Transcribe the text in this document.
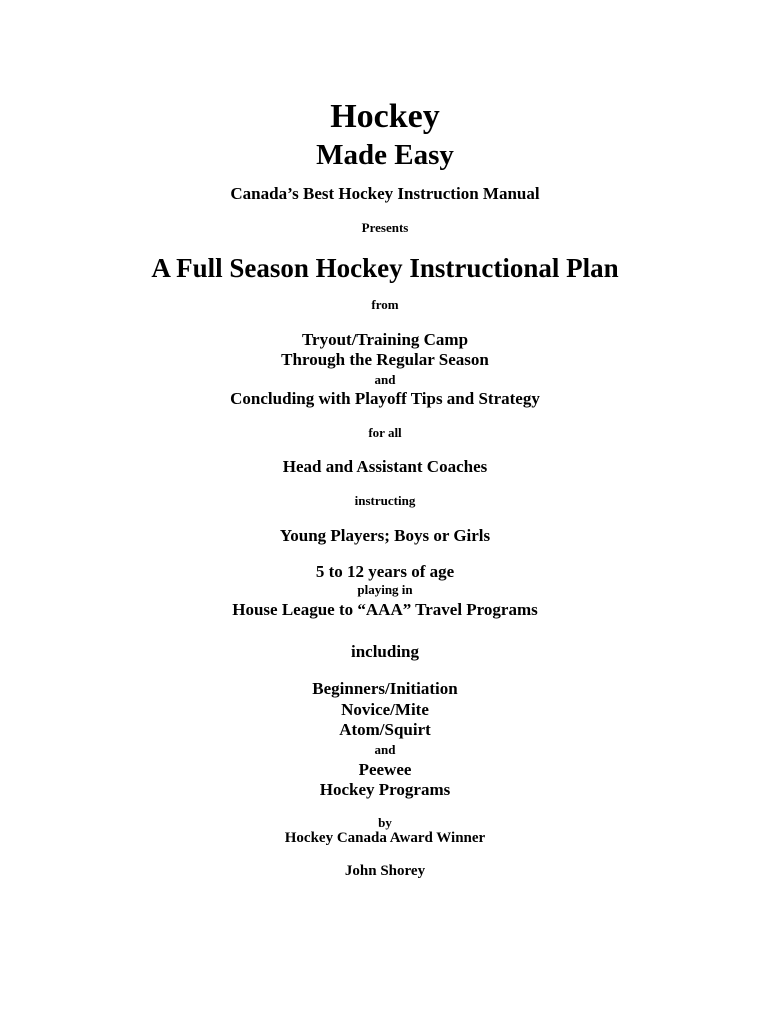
Hockey
Made Easy
Canada’s Best Hockey Instruction Manual
Presents
A Full Season Hockey Instructional Plan
from
Tryout/Training Camp
Through the Regular Season
and
Concluding with Playoff Tips and Strategy
for all
Head and Assistant Coaches
instructing
Young Players; Boys or Girls
5 to 12 years of age
playing in
House League to “AAA” Travel Programs
including
Beginners/Initiation
Novice/Mite
Atom/Squirt
and
Peewee
Hockey Programs
by
Hockey Canada Award Winner
John Shorey
